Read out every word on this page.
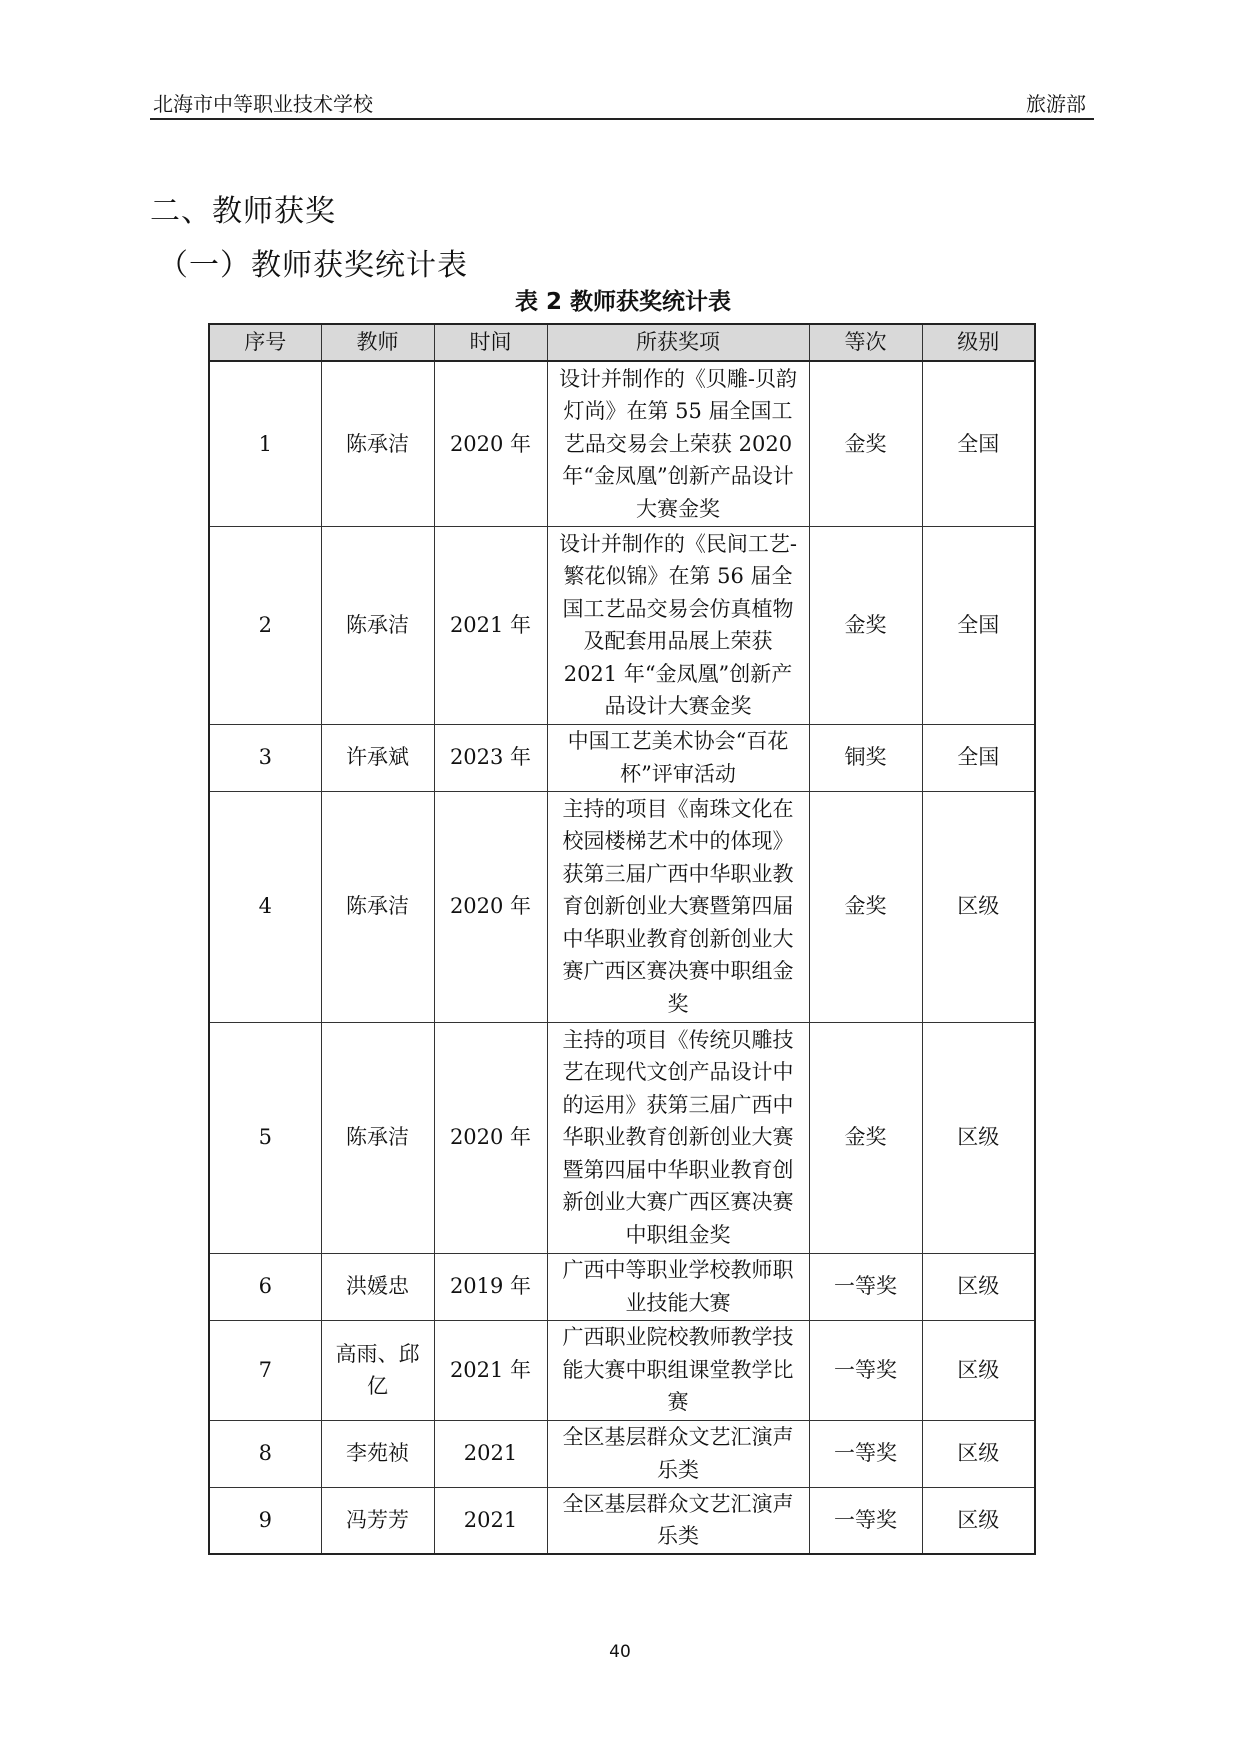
北海市中等职业技术学校	旅游部
二、教师获奖
（一）教师获奖统计表
表 2 教师获奖统计表
序号	教师	时间	所获奖项	等次	级别
1	陈承洁	2020 年	设计并制作的《贝雕-贝韵灯尚》在第 55 届全国工艺品交易会上荣获 2020 年“金凤凰”创新产品设计大赛金奖	金奖	全国
2	陈承洁	2021 年	设计并制作的《民间工艺-繁花似锦》在第 56 届全国工艺品交易会仿真植物及配套用品展上荣获 2021 年“金凤凰”创新产品设计大赛金奖	金奖	全国
3	许承斌	2023 年	中国工艺美术协会“百花杯”评审活动	铜奖	全国
4	陈承洁	2020 年	主持的项目《南珠文化在校园楼梯艺术中的体现》获第三届广西中华职业教育创新创业大赛暨第四届中华职业教育创新创业大赛广西区赛决赛中职组金奖	金奖	区级
5	陈承洁	2020 年	主持的项目《传统贝雕技艺在现代文创产品设计中的运用》获第三届广西中华职业教育创新创业大赛暨第四届中华职业教育创新创业大赛广西区赛决赛中职组金奖	金奖	区级
6	洪媛忠	2019 年	广西中等职业学校教师职业技能大赛	一等奖	区级
7	高雨、邱亿	2021 年	广西职业院校教师教学技能大赛中职组课堂教学比赛	一等奖	区级
8	李苑祯	2021	全区基层群众文艺汇演声乐类	一等奖	区级
9	冯芳芳	2021	全区基层群众文艺汇演声乐类	一等奖	区级
40
